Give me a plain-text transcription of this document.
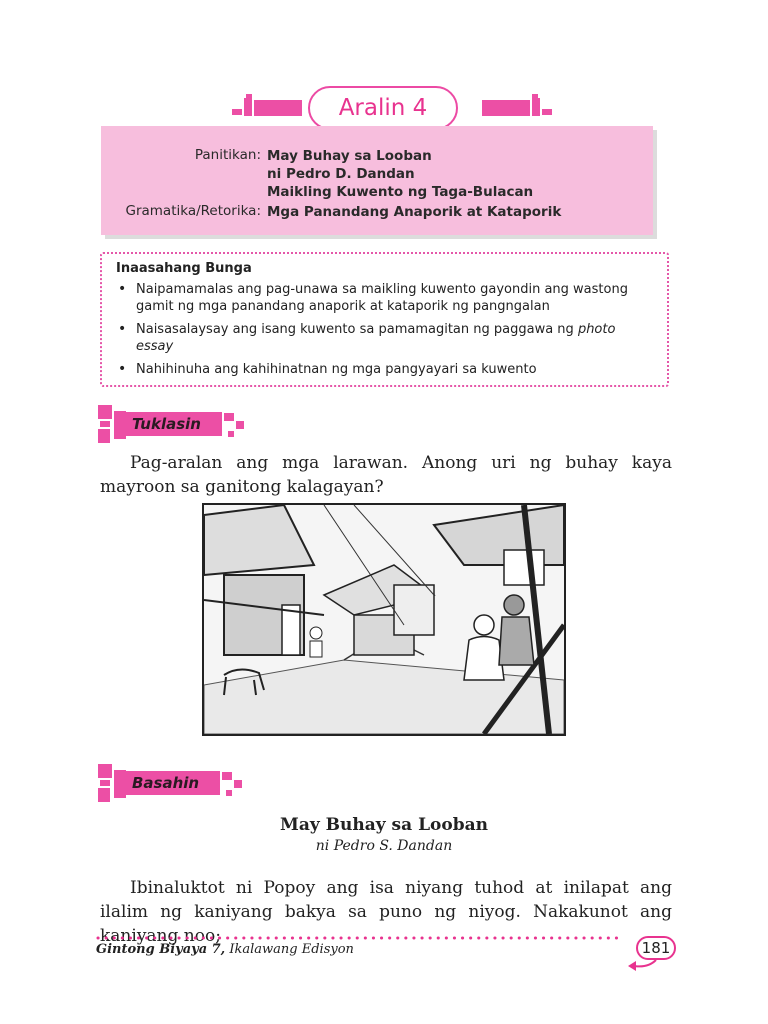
Aralin 4
Panitikan: May Buhay sa Looban
ni Pedro D. Dandan
Maikling Kuwento ng Taga-Bulacan
Gramatika/Retorika: Mga Panandang Anaporik at Kataporik
Inaasahang Bunga
• Naipamamalas ang pag-unawa sa maikling kuwento gayondin ang wastong gamit ng mga panandang anaporik at kataporik ng pangngalan
• Naisasalaysay ang isang kuwento sa pamamagitan ng paggawa ng photo essay
• Nahihinuha ang kahihinatnan ng mga pangyayari sa kuwento
Tuklasin

Pag-aralan ang mga larawan. Anong uri ng buhay kaya mayroon sa ganitong kalagayan?

Basahin
May Buhay sa Looban
ni Pedro S. Dandan

Ibinaluktot ni Popoy ang isa niyang tuhod at inilapat ang ilalim ng kaniyang bakya sa puno ng niyog. Nakakunot ang kaniyang noo;

Gintong Biyaya 7, Ikalawang Edisyon	181
